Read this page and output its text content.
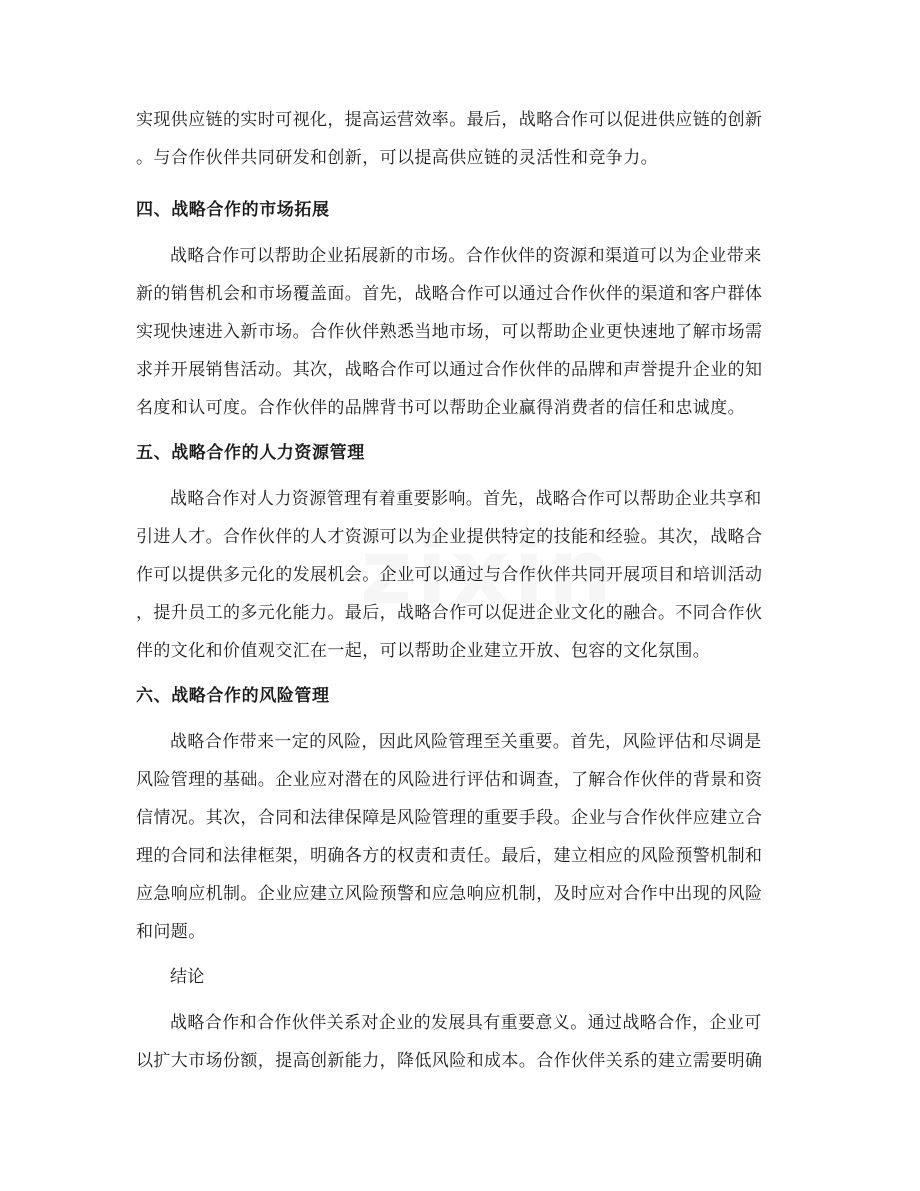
实现供应链的实时可视化，提高运营效率。最后，战略合作可以促进供应链的创新
。与合作伙伴共同研发和创新，可以提高供应链的灵活性和竞争力。
四、战略合作的市场拓展
战略合作可以帮助企业拓展新的市场。合作伙伴的资源和渠道可以为企业带来
新的销售机会和市场覆盖面。首先，战略合作可以通过合作伙伴的渠道和客户群体
实现快速进入新市场。合作伙伴熟悉当地市场，可以帮助企业更快速地了解市场需
求并开展销售活动。其次，战略合作可以通过合作伙伴的品牌和声誉提升企业的知
名度和认可度。合作伙伴的品牌背书可以帮助企业赢得消费者的信任和忠诚度。
五、战略合作的人力资源管理
战略合作对人力资源管理有着重要影响。首先，战略合作可以帮助企业共享和
引进人才。合作伙伴的人才资源可以为企业提供特定的技能和经验。其次，战略合
作可以提供多元化的发展机会。企业可以通过与合作伙伴共同开展项目和培训活动
，提升员工的多元化能力。最后，战略合作可以促进企业文化的融合。不同合作伙
伴的文化和价值观交汇在一起，可以帮助企业建立开放、包容的文化氛围。
六、战略合作的风险管理
战略合作带来一定的风险，因此风险管理至关重要。首先，风险评估和尽调是
风险管理的基础。企业应对潜在的风险进行评估和调查，了解合作伙伴的背景和资
信情况。其次，合同和法律保障是风险管理的重要手段。企业与合作伙伴应建立合
理的合同和法律框架，明确各方的权责和责任。最后，建立相应的风险预警机制和
应急响应机制。企业应建立风险预警和应急响应机制，及时应对合作中出现的风险
和问题。
结论
战略合作和合作伙伴关系对企业的发展具有重要意义。通过战略合作，企业可
以扩大市场份额，提高创新能力，降低风险和成本。合作伙伴关系的建立需要明确
